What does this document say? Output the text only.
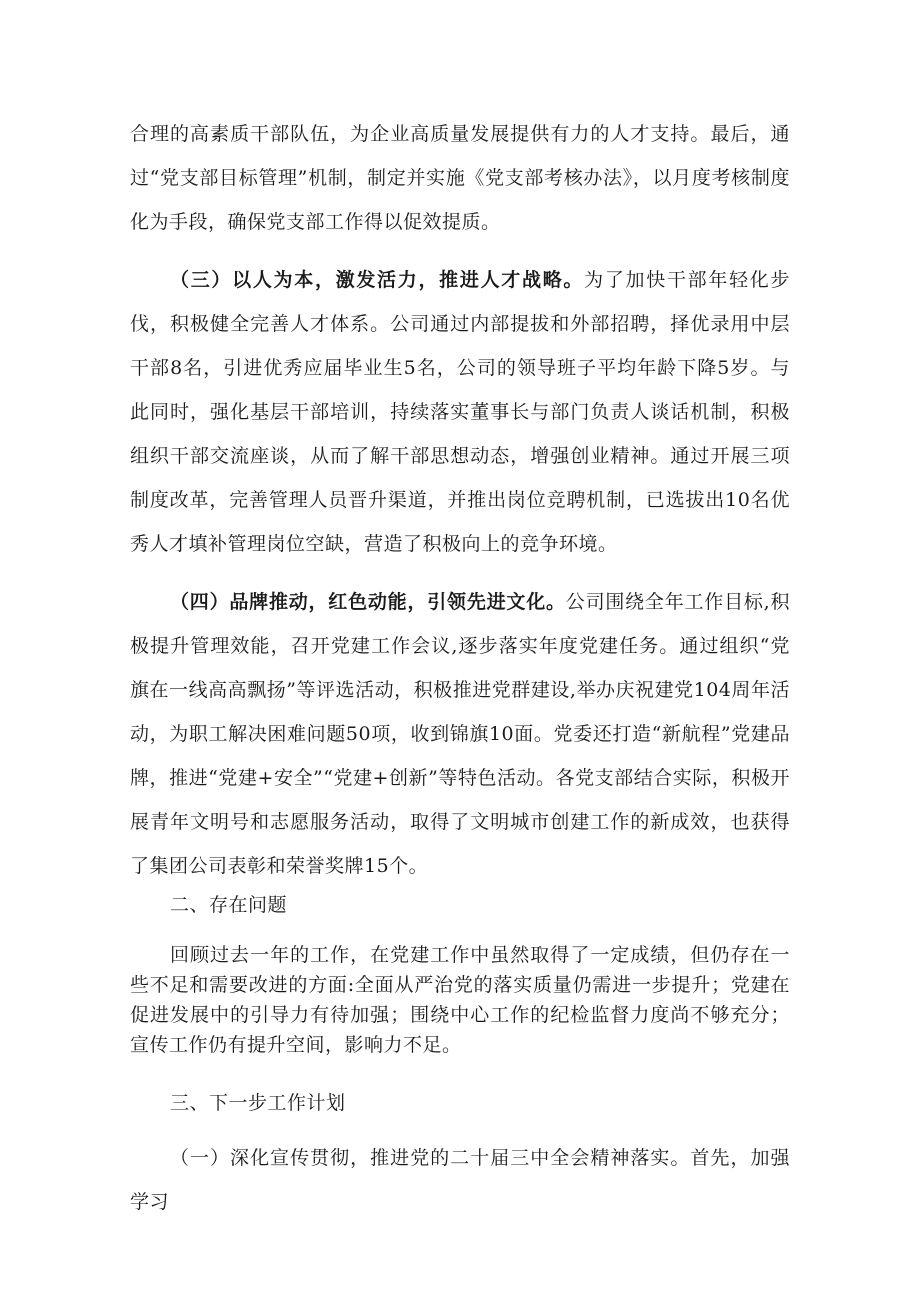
合理的高素质干部队伍，为企业高质量发展提供有力的人才支持。最后，通过“党支部目标管理”机制，制定并实施《党支部考核办法》，以月度考核制度化为手段，确保党支部工作得以促效提质。

（三）以人为本，激发活力，推进人才战略。为了加快干部年轻化步伐，积极健全完善人才体系。公司通过内部提拔和外部招聘，择优录用中层干部8名，引进优秀应届毕业生5名，公司的领导班子平均年龄下降5岁。与此同时，强化基层干部培训，持续落实董事长与部门负责人谈话机制，积极组织干部交流座谈，从而了解干部思想动态，增强创业精神。通过开展三项制度改革，完善管理人员晋升渠道，并推出岗位竞聘机制，已选拔出10名优秀人才填补管理岗位空缺，营造了积极向上的竞争环境。

（四）品牌推动，红色动能，引领先进文化。公司围绕全年工作目标,积极提升管理效能，召开党建工作会议,逐步落实年度党建任务。通过组织“党旗在一线高高飘扬”等评选活动，积极推进党群建设,举办庆祝建党104周年活动，为职工解决困难问题50项，收到锦旗10面。党委还打造“新航程”党建品牌，推进“党建+安全”“党建+创新”等特色活动。各党支部结合实际，积极开展青年文明号和志愿服务活动，取得了文明城市创建工作的新成效，也获得了集团公司表彰和荣誉奖牌15个。

二、存在问题

回顾过去一年的工作，在党建工作中虽然取得了一定成绩，但仍存在一些不足和需要改进的方面:全面从严治党的落实质量仍需进一步提升；党建在促进发展中的引导力有待加强；围绕中心工作的纪检监督力度尚不够充分；宣传工作仍有提升空间，影响力不足。

三、下一步工作计划

（一）深化宣传贯彻，推进党的二十届三中全会精神落实。首先，加强学习
